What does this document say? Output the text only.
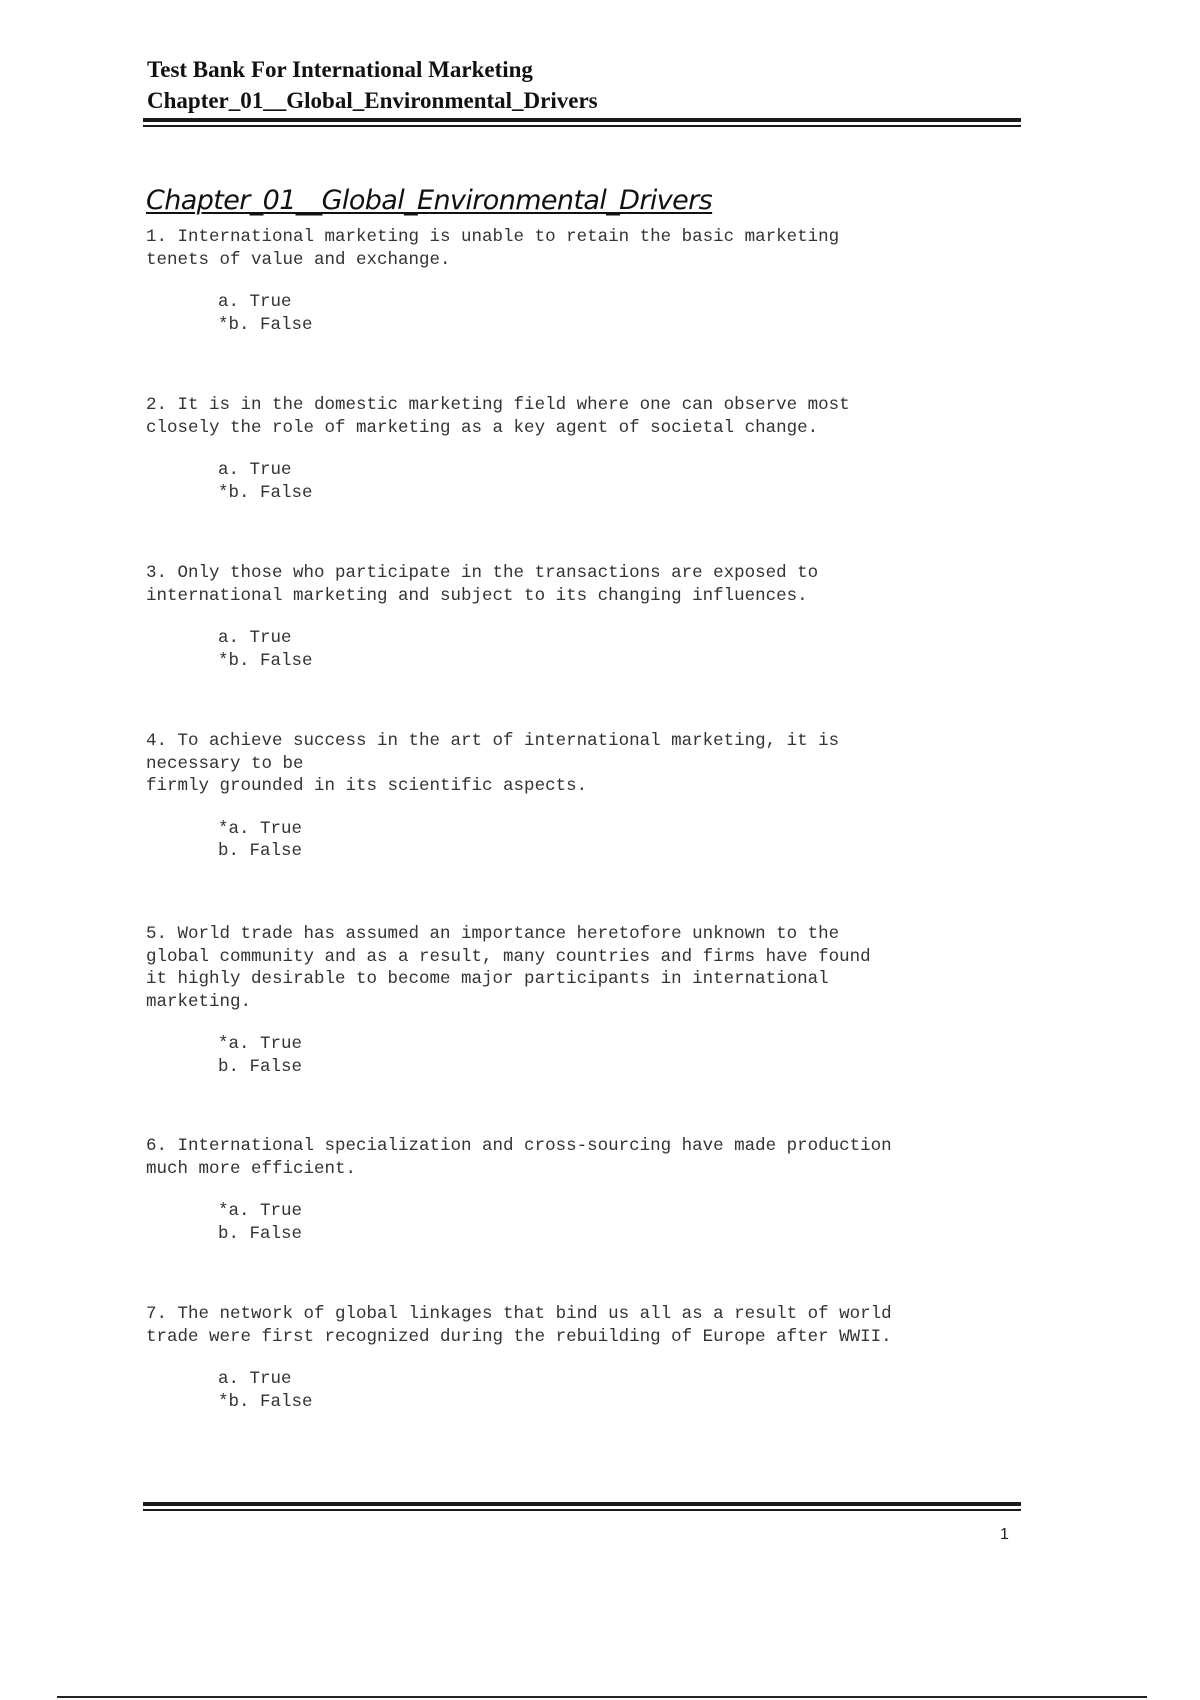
Test Bank For International Marketing
Chapter_01__Global_Environmental_Drivers
Chapter_01__Global_Environmental_Drivers

1. International marketing is unable to retain the basic marketing
tenets of value and exchange.

a. True
*b. False

2. It is in the domestic marketing field where one can observe most
closely the role of marketing as a key agent of societal change.

a. True
*b. False

3. Only those who participate in the transactions are exposed to
international marketing and subject to its changing influences.

a. True
*b. False

4. To achieve success in the art of international marketing, it is
necessary to be
firmly grounded in its scientific aspects.

*a. True
b. False

5. World trade has assumed an importance heretofore unknown to the
global community and as a result, many countries and firms have found
it highly desirable to become major participants in international
marketing.

*a. True
b. False

6. International specialization and cross-sourcing have made production
much more efficient.

*a. True
b. False

7. The network of global linkages that bind us all as a result of world
trade were first recognized during the rebuilding of Europe after WWII.

a. True
*b. False
1
